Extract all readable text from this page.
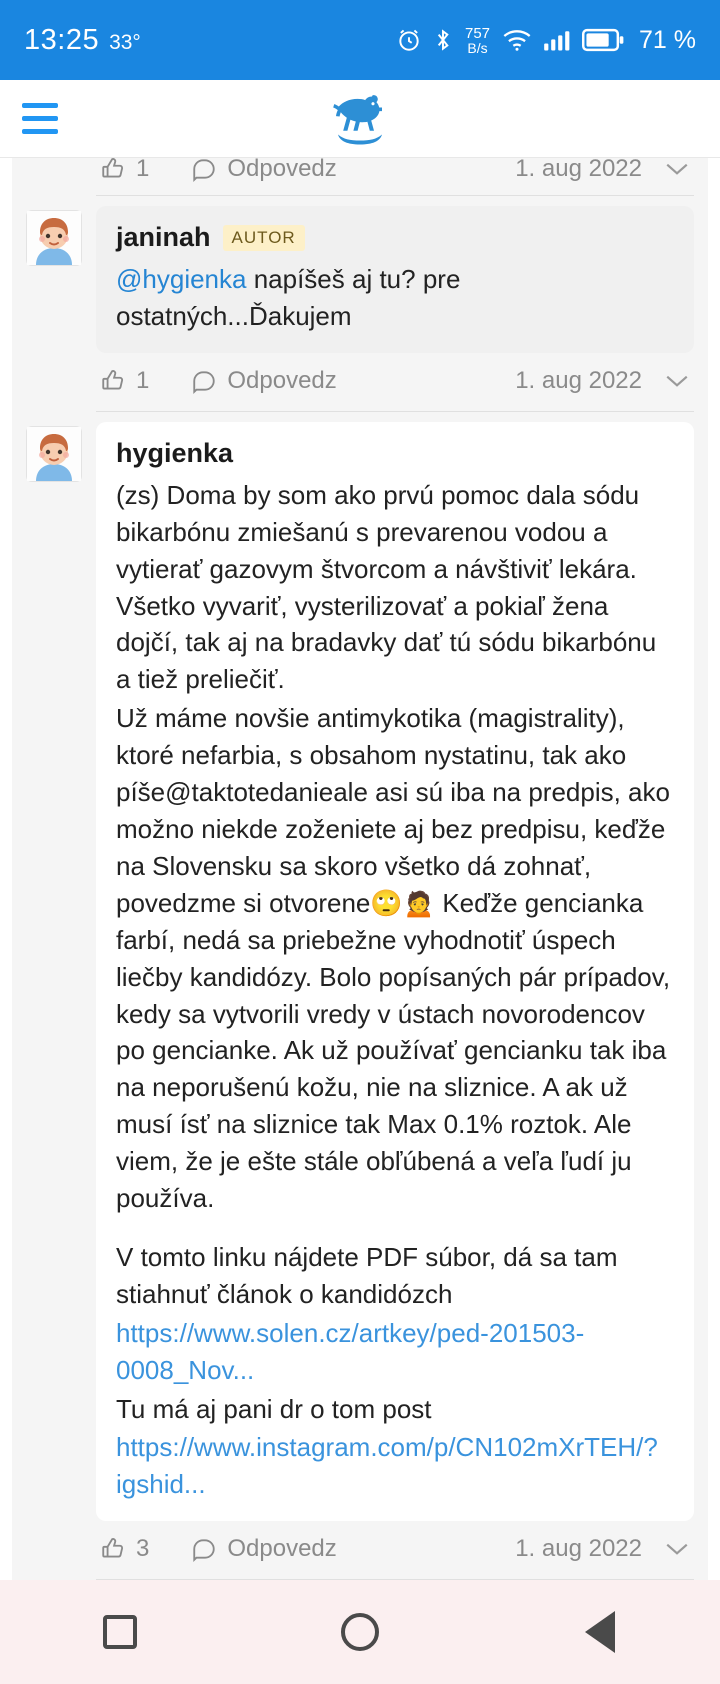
13:25 33°	757
B/s	71 %
1	Odpovedz	1. aug 2022
janinah	AUTOR

@hygienka napíšeš aj tu? pre ostatných...Ďakujem

1	Odpovedz	1. aug 2022
hygienka

(zs) Doma by som ako prvú pomoc dala sódu bikarbónu zmiešanú s prevarenou vodou a vytierať gazovym štvorcom a návštiviť lekára. Všetko vyvariť, vysterilizovať a pokiaľ žena dojčí, tak aj na bradavky dať tú sódu bikarbónu a tiež preliečiť.

Už máme novšie antimykotika (magistrality), ktoré nefarbia, s obsahom nystatinu, tak ako píše@taktotedanieale asi sú iba na predpis, ako možno niekde zoženiete aj bez predpisu, keďže na Slovensku sa skoro všetko dá zohnať, povedzme si otvorene🙄🙍 Keďže gencianka farbí, nedá sa priebežne vyhodnotiť úspech liečby kandidózy. Bolo popísaných pár prípadov, kedy sa vytvorili vredy v ústach novorodencov po gencianke. Ak už používať gencianku tak iba na neporušenú kožu, nie na sliznice. A ak už musí ísť na sliznice tak Max 0.1% roztok. Ale viem, že je ešte stále obľúbená a veľa ľudí ju používa.

V tomto linku nájdete PDF súbor, dá sa tam stiahnuť článok o kandidózch

https://www.solen.cz/artkey/ped-201503-0008_Nov...

Tu má aj pani dr o tom post

https://www.instagram.com/p/CN102mXrTEH/?igshid...

3	Odpovedz	1. aug 2022
